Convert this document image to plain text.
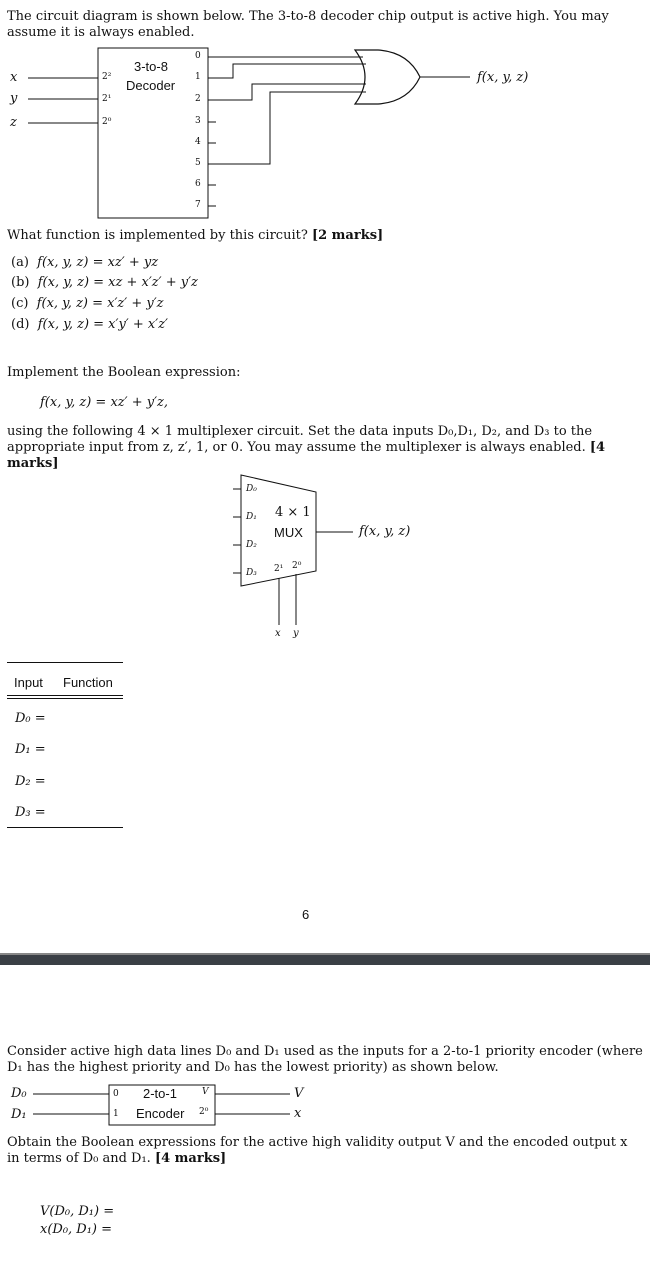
The circuit diagram is shown below. The 3-to-8 decoder chip output is active high. You may assume it is always enabled.
x
y
z
2²
2¹
2⁰
3-to-8
Decoder
0
1
2
3
4
5
6
7
f(x, y, z)
What function is implemented by this circuit? [2 marks]
(a) f(x, y, z) = xz′ + yz
(b) f(x, y, z) = xz + x′z′ + y′z
(c) f(x, y, z) = x′z′ + y′z
(d) f(x, y, z) = x′y′ + x′z′
Implement the Boolean expression:
f(x, y, z) = xz′ + y′z,
using the following 4 × 1 multiplexer circuit. Set the data inputs D₀,D₁, D₂, and D₃ to the appropriate input from z, z′, 1, or 0. You may assume the multiplexer is always enabled. [4 marks]
D₀
D₁
D₂
D₃
4 × 1
MUX
2¹ 2⁰
x y
f(x, y, z)
Input Function
D₀ =
D₁ =
D₂ =
D₃ =
6
Consider active high data lines D₀ and D₁ used as the inputs for a 2-to-1 priority encoder (where D₁ has the highest priority and D₀ has the lowest priority) as shown below.
D₀
D₁
0
1
2-to-1
Encoder
V
2⁰
V
x
Obtain the Boolean expressions for the active high validity output V and the encoded output x in terms of D₀ and D₁. [4 marks]
V(D₀, D₁) =
x(D₀, D₁) =
